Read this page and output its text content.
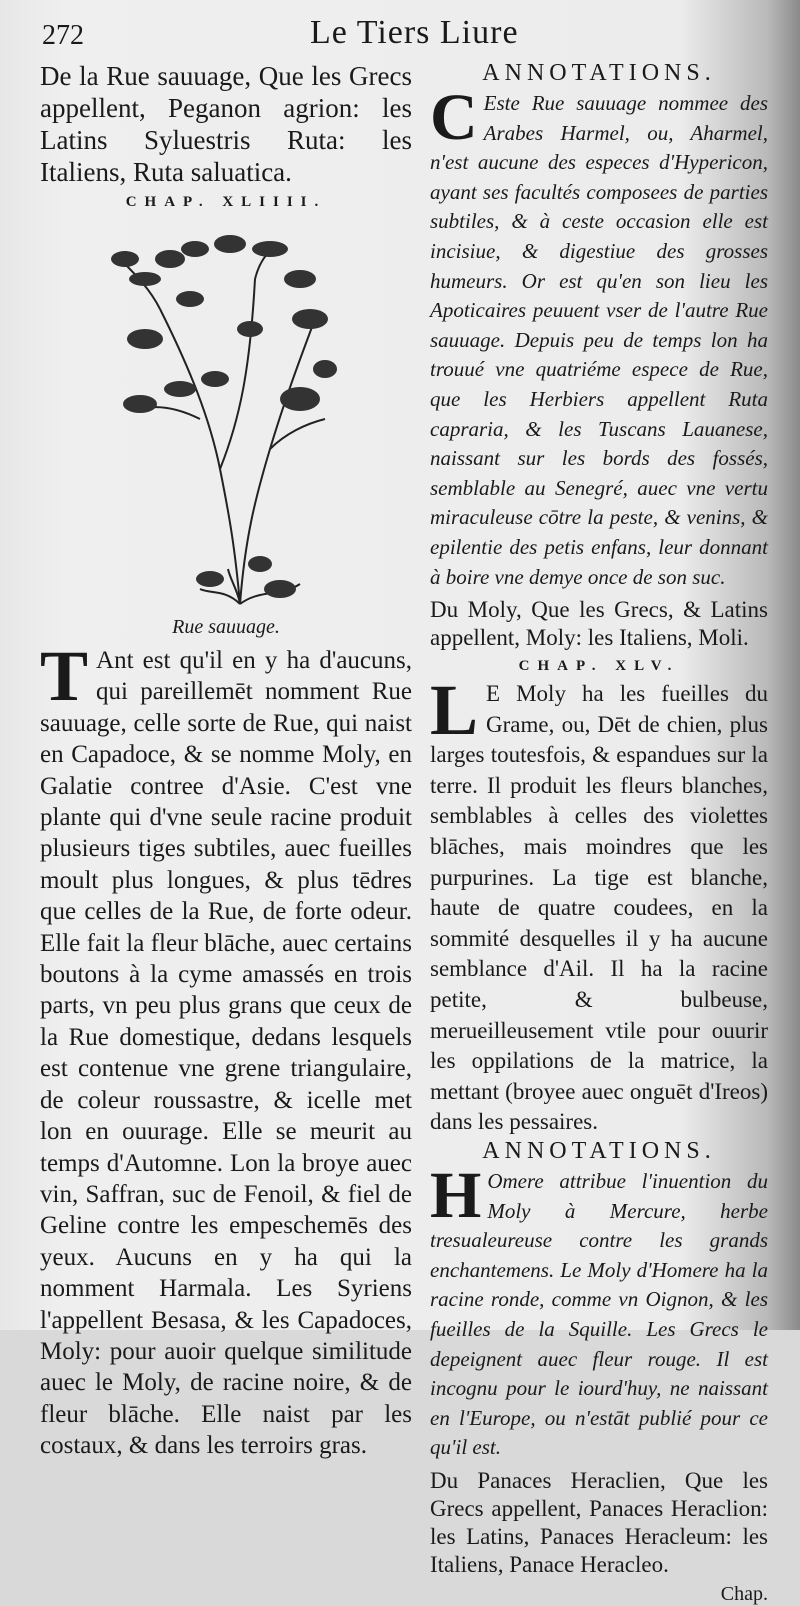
272	Le Tiers Liure

De la Rue sauuage, Que les Grecs appellent, Peganon agrion: les Latins Syluestris Ruta: les Italiens, Ruta saluatica.

CHAP. XLIIII.
Rue sauuage.

T Ant est qu'il en y ha d'aucuns, qui pareillemēt nomment Rue sauuage, celle sorte de Rue, qui naist en Capadoce, & se nomme Moly, en Galatie contree d'Asie. C'est vne plante qui d'vne seule racine produit plusieurs tiges subtiles, auec fueilles moult plus longues, & plus tēdres que celles de la Rue, de forte odeur. Elle fait la fleur blāche, auec certains boutons à la cyme amassés en trois parts, vn peu plus grans que ceux de la Rue domestique, dedans lesquels est contenue vne grene triangulaire, de coleur roussastre, & icelle met lon en ouurage. Elle se meurit au temps d'Automne. Lon la broye auec vin, Saffran, suc de Fenoil, & fiel de Geline contre les empeschemēs des yeux. Aucuns en y ha qui la nomment Harmala. Les Syriens l'appellent Besasa, & les Capadoces, Moly: pour auoir quelque similitude auec le Moly, de racine noire, & de fleur blāche. Elle naist par les costaux, & dans les terroirs gras.

ANNOTATIONS.

C Este Rue sauuage nommee des Arabes Harmel, ou, Aharmel, n'est aucune des especes d'Hypericon, ayant ses facultés composees de parties subtiles, & à ceste occasion elle est incisiue, & digestiue des grosses humeurs. Or est qu'en son lieu les Apoticaires peuuent vser de l'autre Rue sauuage. Depuis peu de temps lon ha trouué vne quatriéme espece de Rue, que les Herbiers appellent Ruta capraria, & les Tuscans Lauanese, naissant sur les bords des fossés, semblable au Senegré, auec vne vertu miraculeuse cōtre la peste, & venins, & epilentie des petis enfans, leur donnant à boire vne demye once de son suc.

Du Moly, Que les Grecs, & Latins appellent, Moly: les Italiens, Moli.

CHAP. XLV.

L E Moly ha les fueilles du Grame, ou, Dēt de chien, plus larges toutesfois, & espandues sur la terre. Il produit les fleurs blanches, semblables à celles des violettes blāches, mais moindres que les purpurines. La tige est blanche, haute de quatre coudees, en la sommité desquelles il y ha aucune semblance d'Ail. Il ha la racine petite, & bulbeuse, merueilleusement vtile pour ouurir les oppilations de la matrice, la mettant (broyee auec onguēt d'Ireos) dans les pessaires.

ANNOTATIONS.

H Omere attribue l'inuention du Moly à Mercure, herbe tresualeureuse contre les grands enchantemens. Le Moly d'Homere ha la racine ronde, comme vn Oignon, & les fueilles de la Squille. Les Grecs le depeignent auec fleur rouge. Il est incognu pour le iourd'huy, ne naissant en l'Europe, ou n'estāt publié pour ce qu'il est.

Du Panaces Heraclien, Que les Grecs appellent, Panaces Heraclion: les Latins, Panaces Heracleum: les Italiens, Panace Heracleo.

Chap.
